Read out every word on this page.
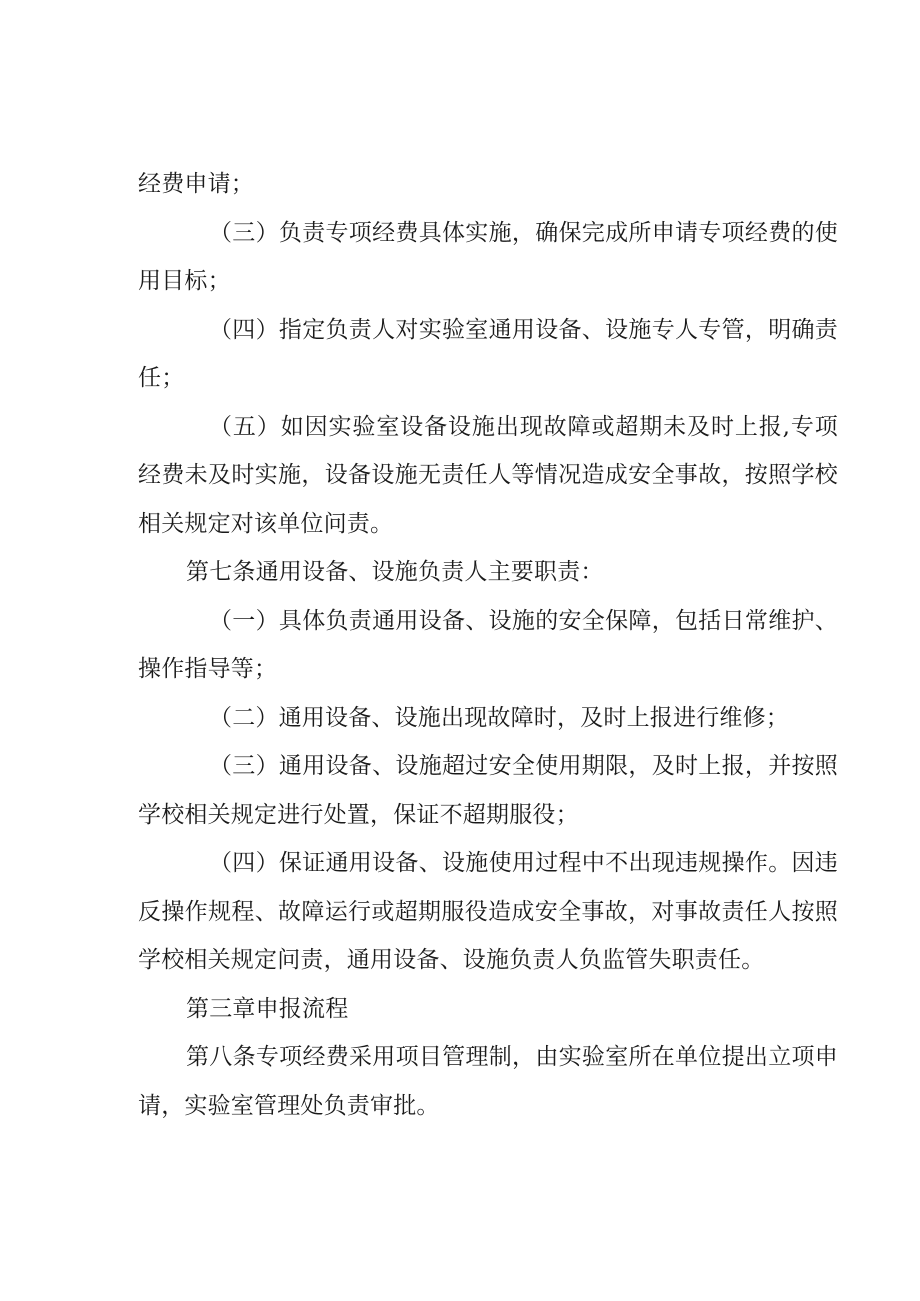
经费申请；

（三）负责专项经费具体实施，确保完成所申请专项经费的使用目标；

（四）指定负责人对实验室通用设备、设施专人专管，明确责任；

（五）如因实验室设备设施出现故障或超期未及时上报,专项经费未及时实施，设备设施无责任人等情况造成安全事故，按照学校相关规定对该单位问责。

第七条通用设备、设施负责人主要职责：

（一）具体负责通用设备、设施的安全保障，包括日常维护、操作指导等；

（二）通用设备、设施出现故障时，及时上报进行维修；

（三）通用设备、设施超过安全使用期限，及时上报，并按照学校相关规定进行处置，保证不超期服役；

（四）保证通用设备、设施使用过程中不出现违规操作。因违反操作规程、故障运行或超期服役造成安全事故，对事故责任人按照学校相关规定问责，通用设备、设施负责人负监管失职责任。

第三章申报流程

第八条专项经费采用项目管理制，由实验室所在单位提出立项申请，实验室管理处负责审批。
